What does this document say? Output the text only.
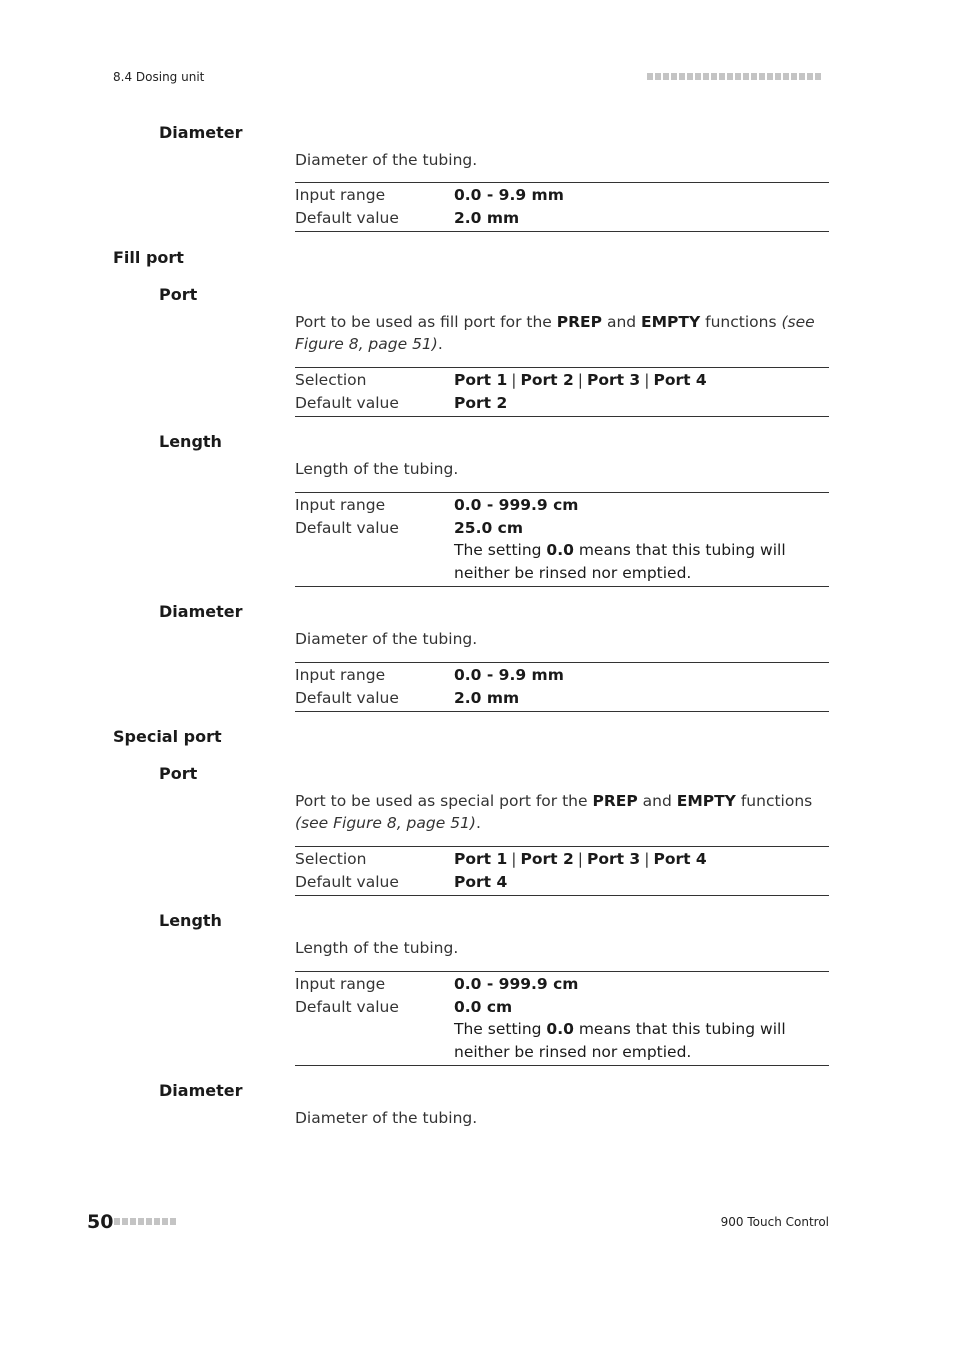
8.4 Dosing unit
Diameter
Diameter of the tubing.
Input range	0.0 - 9.9 mm
Default value	2.0 mm
Fill port
Port
Port to be used as fill port for the PREP and EMPTY functions (see Figure 8, page 51).
Selection	Port 1 | Port 2 | Port 3 | Port 4
Default value	Port 2
Length
Length of the tubing.
Input range	0.0 - 999.9 cm
Default value	25.0 cm
The setting 0.0 means that this tubing will neither be rinsed nor emptied.
Diameter
Diameter of the tubing.
Input range	0.0 - 9.9 mm
Default value	2.0 mm
Special port
Port
Port to be used as special port for the PREP and EMPTY functions (see Figure 8, page 51).
Selection	Port 1 | Port 2 | Port 3 | Port 4
Default value	Port 4
Length
Length of the tubing.
Input range	0.0 - 999.9 cm
Default value	0.0 cm
The setting 0.0 means that this tubing will neither be rinsed nor emptied.
Diameter
Diameter of the tubing.
50	900 Touch Control
